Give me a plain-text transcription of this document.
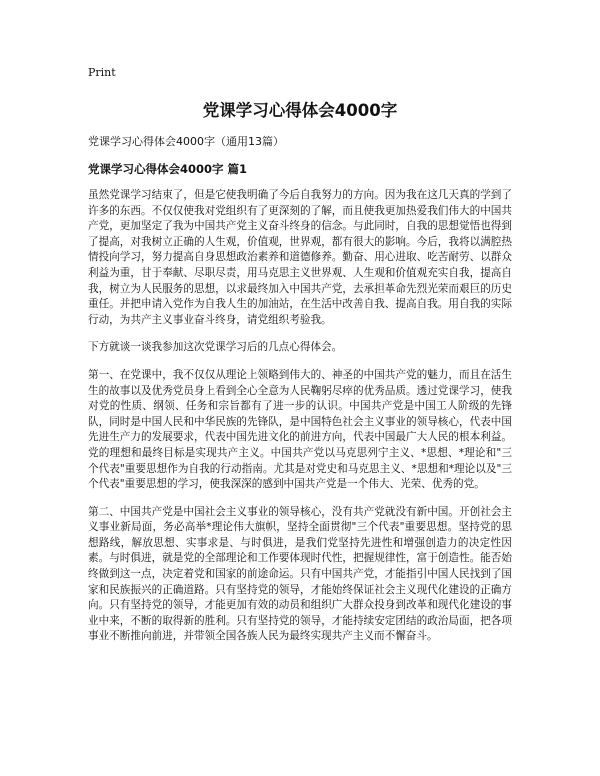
Print
党课学习心得体会4000字
党课学习心得体会4000字（通用13篇）
党课学习心得体会4000字 篇1

虽然党课学习结束了，但是它使我明确了今后自我努力的方向。因为我在这几天真的学到了许多的东西。不仅仅使我对党组织有了更深刻的了解，而且使我更加热爱我们伟大的中国共产党，更加坚定了我为中国共产党主义奋斗终身的信念。与此同时，自我的思想觉悟也得到了提高，对我树立正确的人生观，价值观，世界观，都有很大的影响。今后，我将以满腔热情投向学习，努力提高自身思想政治素养和道德修养。勤奋、用心进取、吃苦耐劳、以群众利益为重，甘于奉献、尽职尽责，用马克思主义世界观、人生观和价值观充实自我，提高自我，树立为人民服务的思想，以求最终加入中国共产党，去承担革命先烈光荣而艰巨的历史重任。并把申请入党作为自我人生的加油站，在生活中改善自我、提高自我。用自我的实际行动，为共产主义事业奋斗终身，请党组织考验我。

下方就谈一谈我参加这次党课学习后的几点心得体会。

第一、在党课中，我不仅仅从理论上领略到伟大的、神圣的中国共产党的魅力，而且在活生生的故事以及优秀党员身上看到全心全意为人民鞠躬尽瘁的优秀品质。透过党课学习，使我对党的性质、纲领、任务和宗旨都有了进一步的认识。中国共产党是中国工人阶级的先锋队，同时是中国人民和中华民族的先锋队，是中国特色社会主义事业的领导核心，代表中国先进生产力的发展要求，代表中国先进文化的前进方向，代表中国最广大人民的根本利益。党的理想和最终目标是实现共产主义。中国共产党以马克思列宁主义、*思想、*理论和"三个代表"重要思想作为自我的行动指南。尤其是对党史和马克思主义、*思想和*理论以及"三个代表"重要思想的学习，使我深深的感到中国共产党是一个伟大、光荣、优秀的党。

第二、中国共产党是中国社会主义事业的领导核心，没有共产党就没有新中国。开创社会主义事业新局面，务必高举*理论伟大旗帜，坚持全面贯彻"三个代表"重要思想。坚持党的思想路线，解放思想、实事求是、与时俱进，是我们党坚持先进性和增强创造力的决定性因素。与时俱进，就是党的全部理论和工作要体现时代性，把握规律性，富于创造性。能否始终做到这一点，决定着党和国家的前途命运。只有中国共产党，才能指引中国人民找到了国家和民族振兴的正确道路。只有坚持党的领导，才能始终保证社会主义现代化建设的正确方向。只有坚持党的领导，才能更加有效的动员和组织广大群众投身到改革和现代化建设的事业中来，不断的取得新的胜利。只有坚持党的领导，才能持续安定团结的政治局面，把各项事业不断推向前进，并带领全国各族人民为最终实现共产主义而不懈奋斗。
